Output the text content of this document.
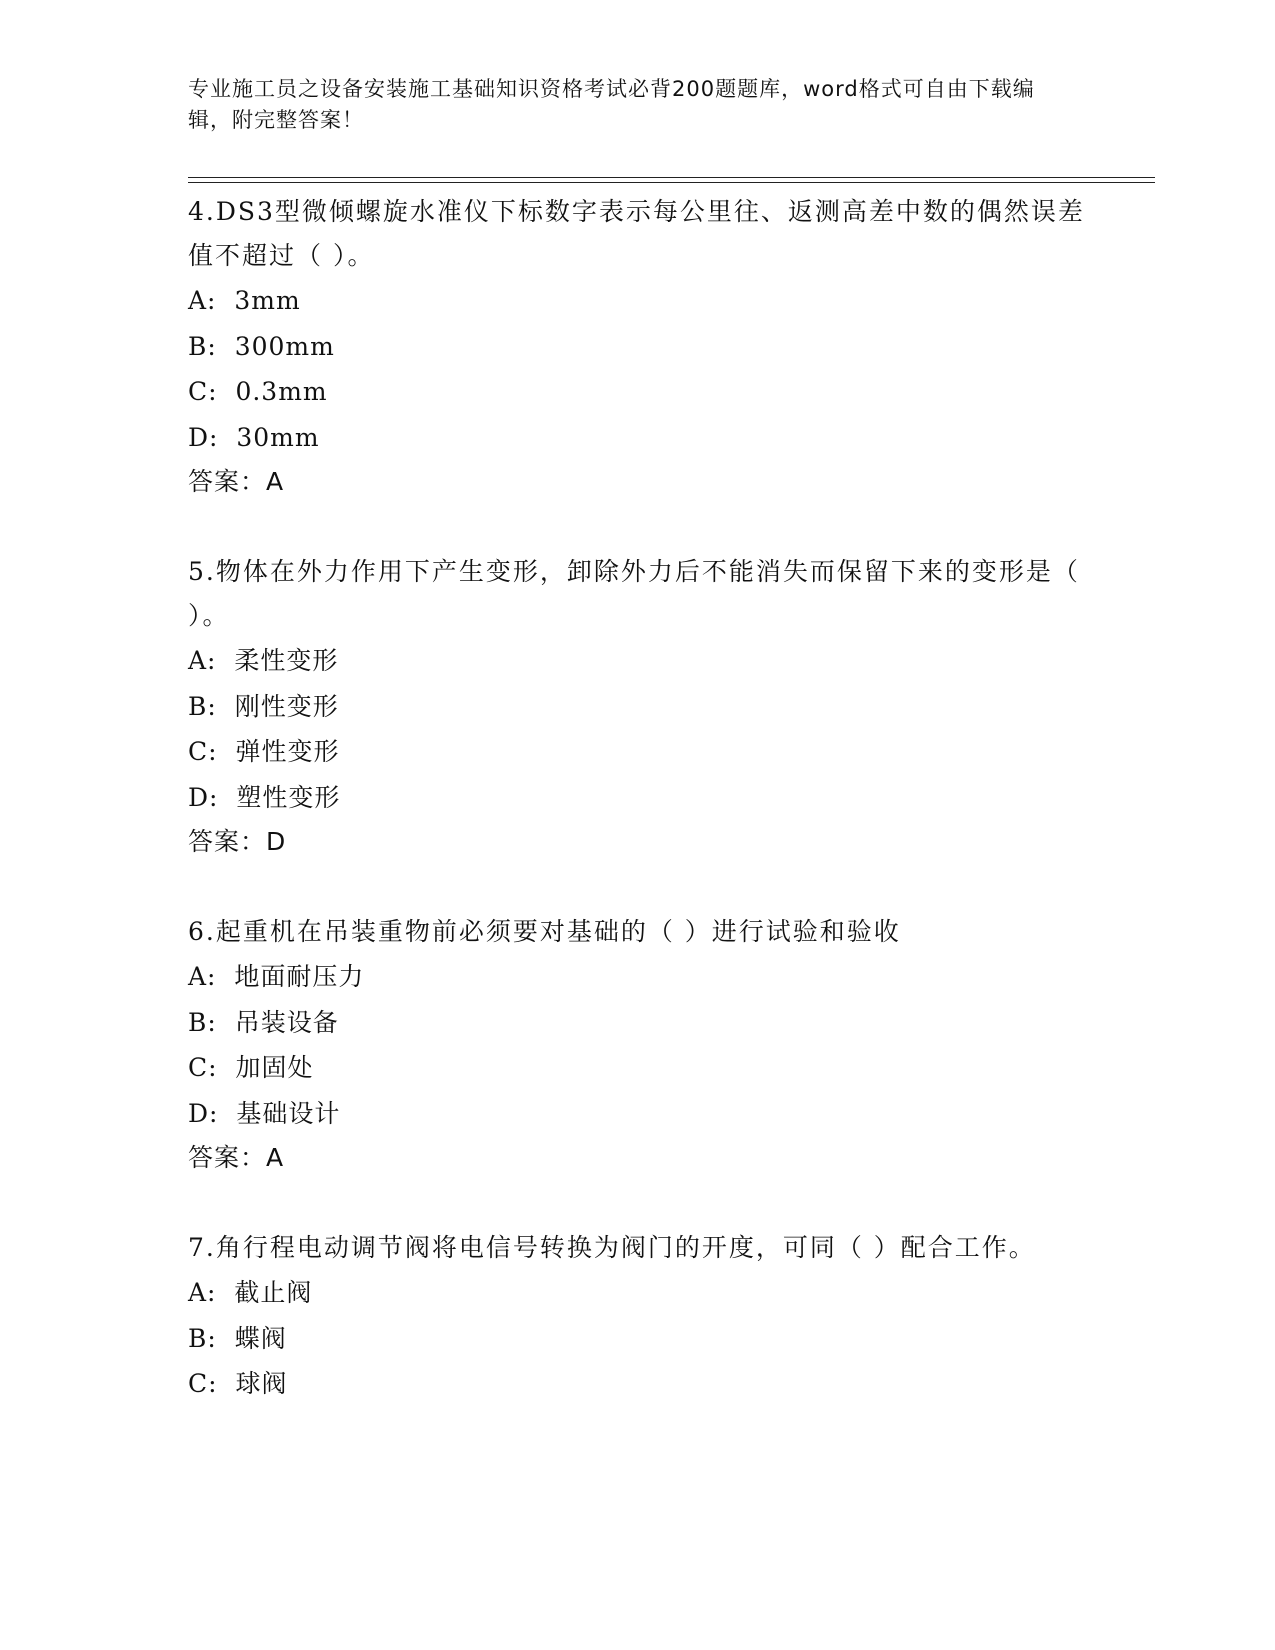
专业施工员之设备安装施工基础知识资格考试必背200题题库，word格式可自由下载编辑，附完整答案！
4.DS3型微倾螺旋水准仪下标数字表示每公里往、返测高差中数的偶然误差值不超过（ ）。
A:  3mm
B:  300mm
C:  0.3mm
D:  30mm
答案：A
5.物体在外力作用下产生变形，卸除外力后不能消失而保留下来的变形是（ ）。
A:  柔性变形
B:  刚性变形
C:  弹性变形
D:  塑性变形
答案：D
6.起重机在吊装重物前必须要对基础的（ ）进行试验和验收
A:  地面耐压力
B:  吊装设备
C:  加固处
D:  基础设计
答案：A
7.角行程电动调节阀将电信号转换为阀门的开度，可同（ ）配合工作。
A:  截止阀
B:  蝶阀
C:  球阀
